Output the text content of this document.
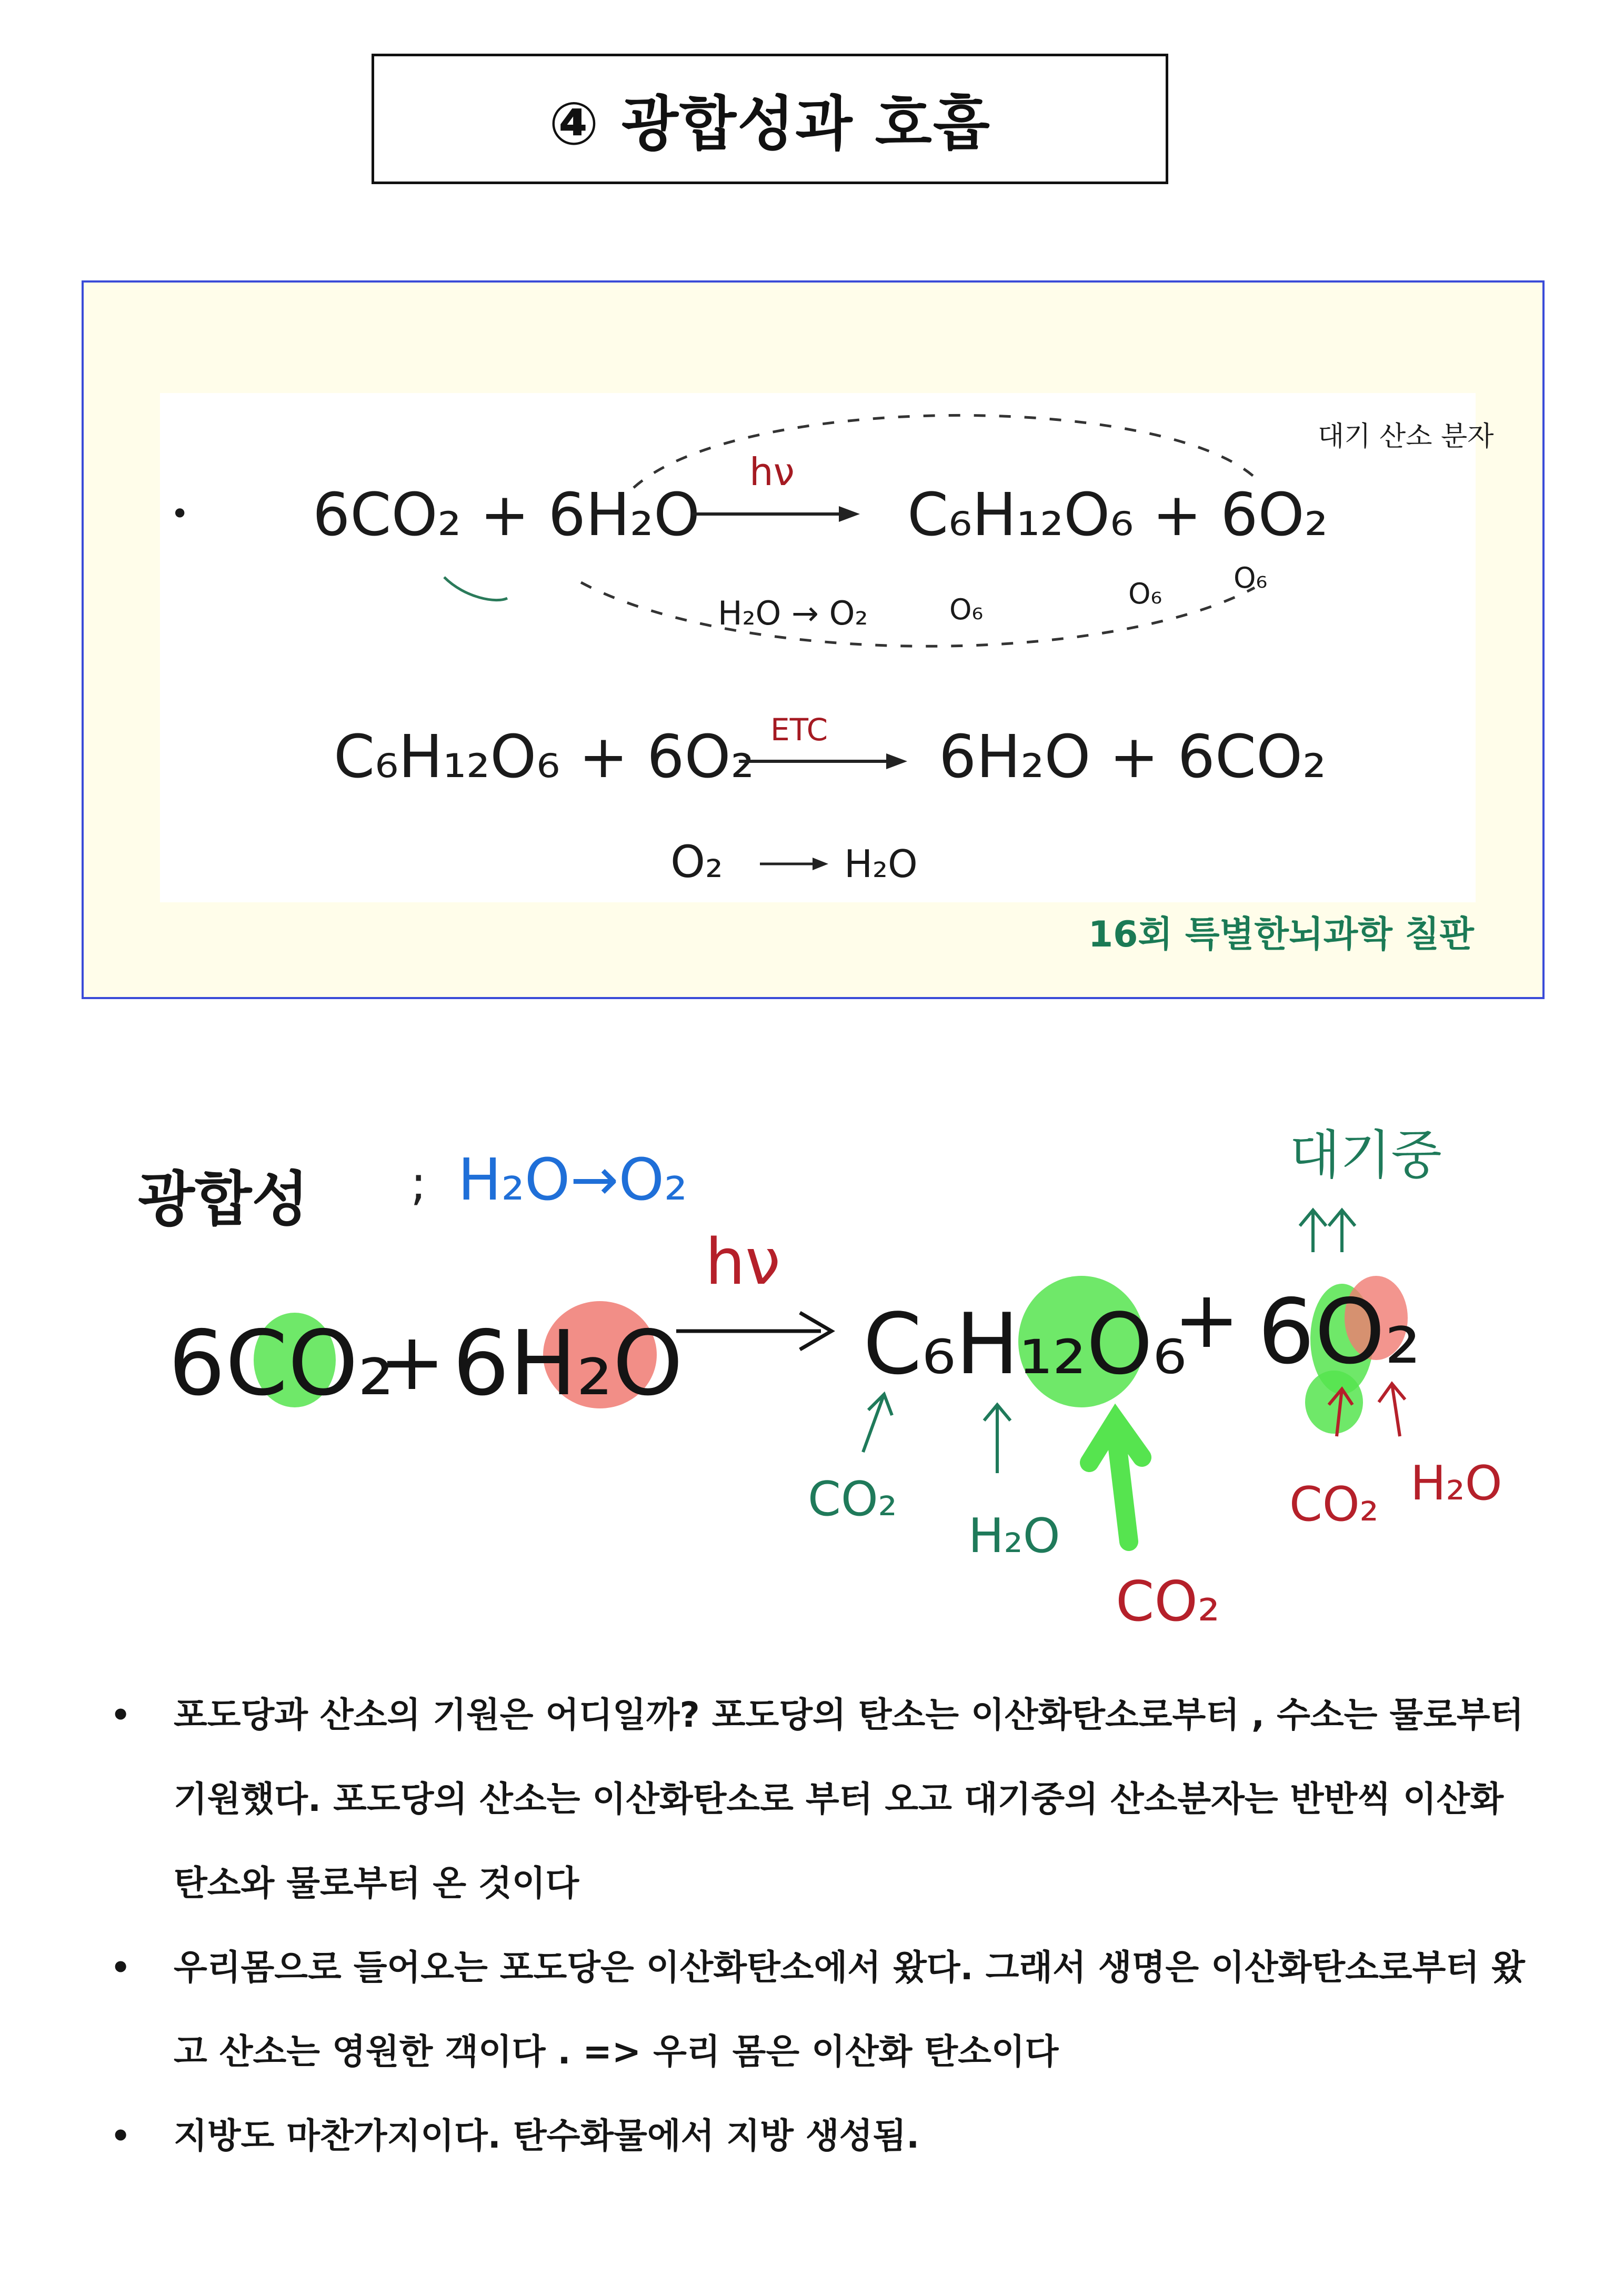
④ 광합성과 호흡
• 6CO₂ + 6H₂O
hν
C₆H₁₂O₆ + 6O₂
대기 산소 분자
H₂O → O₂	O₆	O₆	O₆
C₆H₁₂O₆ + 6O₂ ETC 6H₂O + 6CO₂
O₂	H₂O
16회 특별한뇌과학 칠판
; H₂O→O₂	대기중
6CO₂
+ 6H₂O
hν
C₆H₁₂O₆
+ 6O₂
CO₂
H₂O
CO₂
CO₂ H₂O
광합성
• 포도당과 산소의 기원은 어디일까? 포도당의 탄소는 이산화탄소로부터 , 수소는 물로부터 기원했다. 포도당의 산소는 이산화탄소로 부터 오고 대기중의 산소분자는 반반씩 이산화탄소와 물로부터 온 것이다
• 우리몸으로 들어오는 포도당은 이산화탄소에서 왔다. 그래서 생명은 이산화탄소로부터 왔고 산소는 영원한 객이다 . => 우리 몸은 이산화 탄소이다
• 지방도 마찬가지이다. 탄수화물에서 지방 생성됨.
